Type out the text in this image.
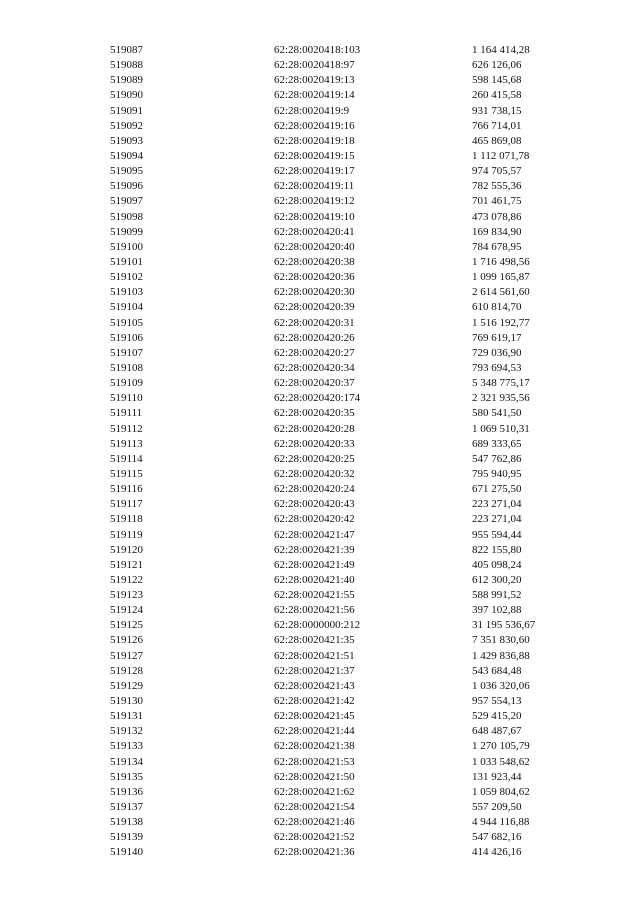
519087	62:28:0020418:103	1 164 414,28
519088	62:28:0020418:97	626 126,06
519089	62:28:0020419:13	598 145,68
519090	62:28:0020419:14	260 415,58
519091	62:28:0020419:9	931 738,15
519092	62:28:0020419:16	766 714,01
519093	62:28:0020419:18	465 869,08
519094	62:28:0020419:15	1 112 071,78
519095	62:28:0020419:17	974 705,57
519096	62:28:0020419:11	782 555,36
519097	62:28:0020419:12	701 461,75
519098	62:28:0020419:10	473 078,86
519099	62:28:0020420:41	169 834,90
519100	62:28:0020420:40	784 678,95
519101	62:28:0020420:38	1 716 498,56
519102	62:28:0020420:36	1 099 165,87
519103	62:28:0020420:30	2 614 561,60
519104	62:28:0020420:39	610 814,70
519105	62:28:0020420:31	1 516 192,77
519106	62:28:0020420:26	769 619,17
519107	62:28:0020420:27	729 036,90
519108	62:28:0020420:34	793 694,53
519109	62:28:0020420:37	5 348 775,17
519110	62:28:0020420:174	2 321 935,56
519111	62:28:0020420:35	580 541,50
519112	62:28:0020420:28	1 069 510,31
519113	62:28:0020420:33	689 333,65
519114	62:28:0020420:25	547 762,86
519115	62:28:0020420:32	795 940,95
519116	62:28:0020420:24	671 275,50
519117	62:28:0020420:43	223 271,04
519118	62:28:0020420:42	223 271,04
519119	62:28:0020421:47	955 594,44
519120	62:28:0020421:39	822 155,80
519121	62:28:0020421:49	405 098,24
519122	62:28:0020421:40	612 300,20
519123	62:28:0020421:55	588 991,52
519124	62:28:0020421:56	397 102,88
519125	62:28:0000000:212	31 195 536,67
519126	62:28:0020421:35	7 351 830,60
519127	62:28:0020421:51	1 429 836,88
519128	62:28:0020421:37	543 684,48
519129	62:28:0020421:43	1 036 320,06
519130	62:28:0020421:42	957 554,13
519131	62:28:0020421:45	529 415,20
519132	62:28:0020421:44	648 487,67
519133	62:28:0020421:38	1 270 105,79
519134	62:28:0020421:53	1 033 548,62
519135	62:28:0020421:50	131 923,44
519136	62:28:0020421:62	1 059 804,62
519137	62:28:0020421:54	557 209,50
519138	62:28:0020421:46	4 944 116,88
519139	62:28:0020421:52	547 682,16
519140	62:28:0020421:36	414 426,16
